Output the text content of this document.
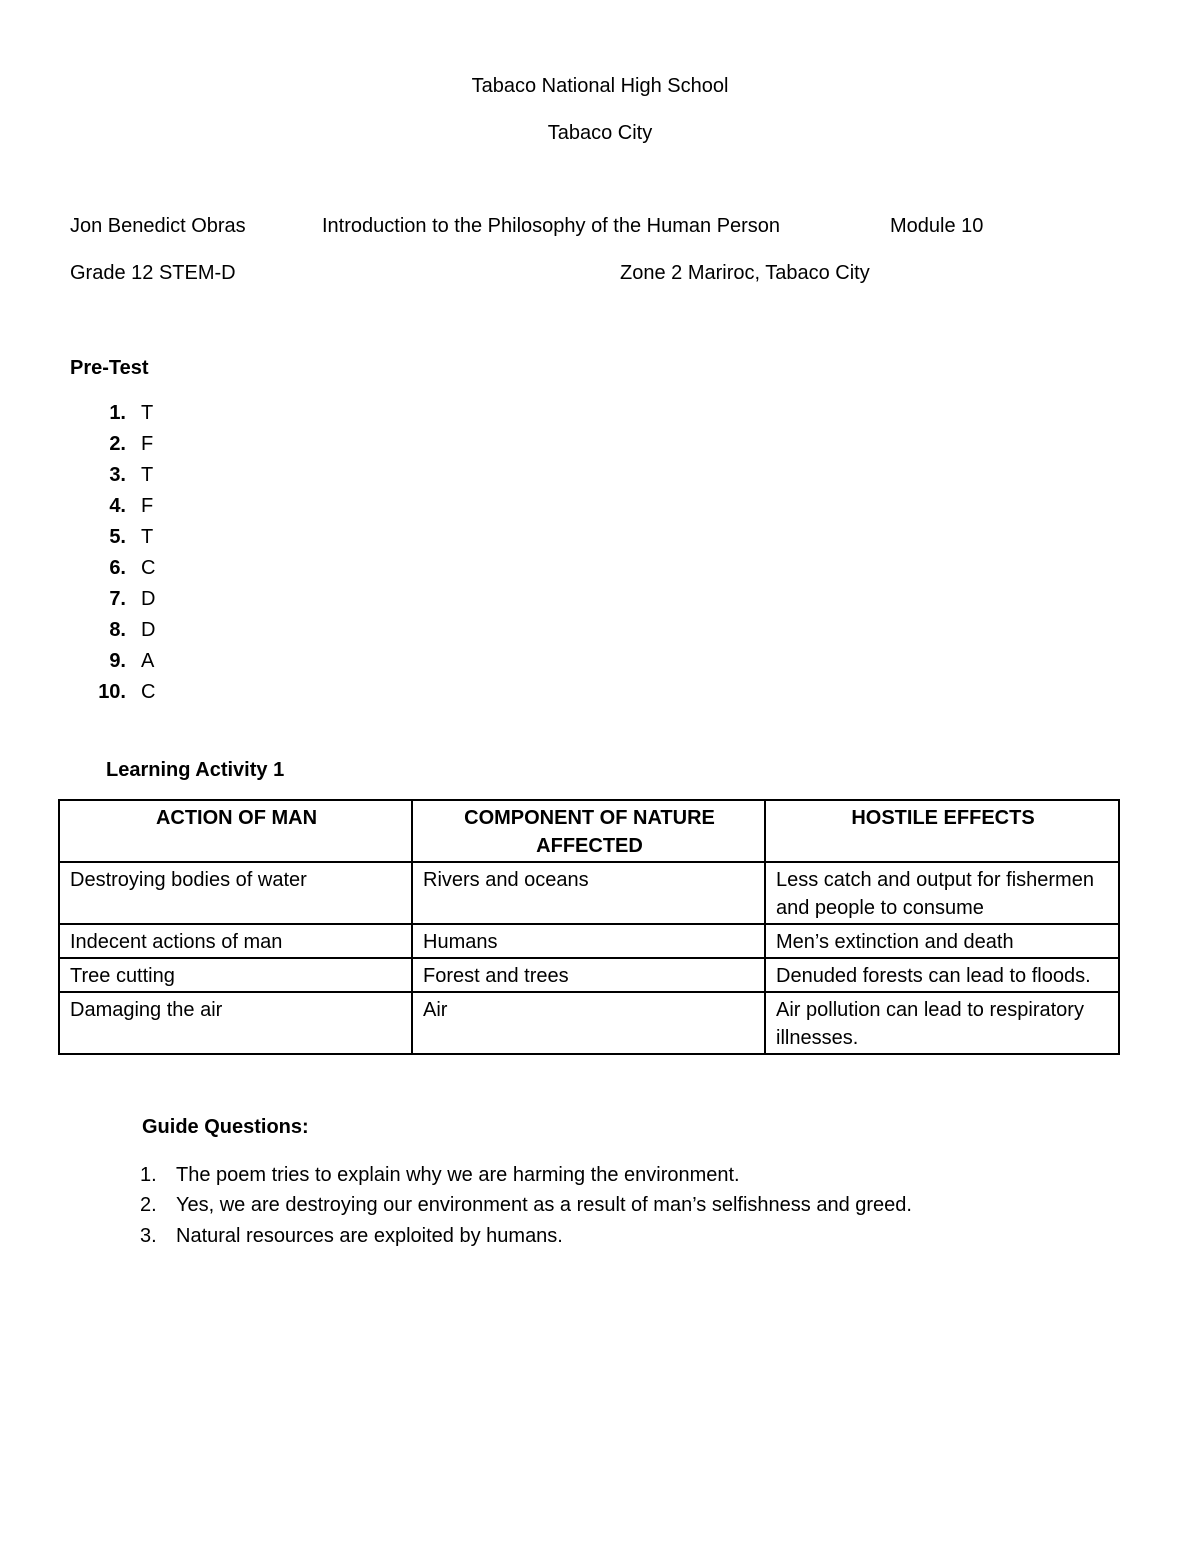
Tabaco National High School
Tabaco City
Jon Benedict Obras	Introduction to the Philosophy of the Human Person	Module 10
Grade 12 STEM-D	Zone 2 Mariroc, Tabaco City
Pre-Test
1. T
2. F
3. T
4. F
5. T
6. C
7. D
8. D
9. A
10. C
Learning Activity 1
ACTION OF MAN	COMPONENT OF NATURE AFFECTED	HOSTILE EFFECTS
Destroying bodies of water	Rivers and oceans	Less catch and output for fishermen and people to consume
Indecent actions of man	Humans	Men’s extinction and death
Tree cutting	Forest and trees	Denuded forests can lead to floods.
Damaging the air	Air	Air pollution can lead to respiratory illnesses.
Guide Questions:
1. The poem tries to explain why we are harming the environment.
2. Yes, we are destroying our environment as a result of man’s selfishness and greed.
3. Natural resources are exploited by humans.
